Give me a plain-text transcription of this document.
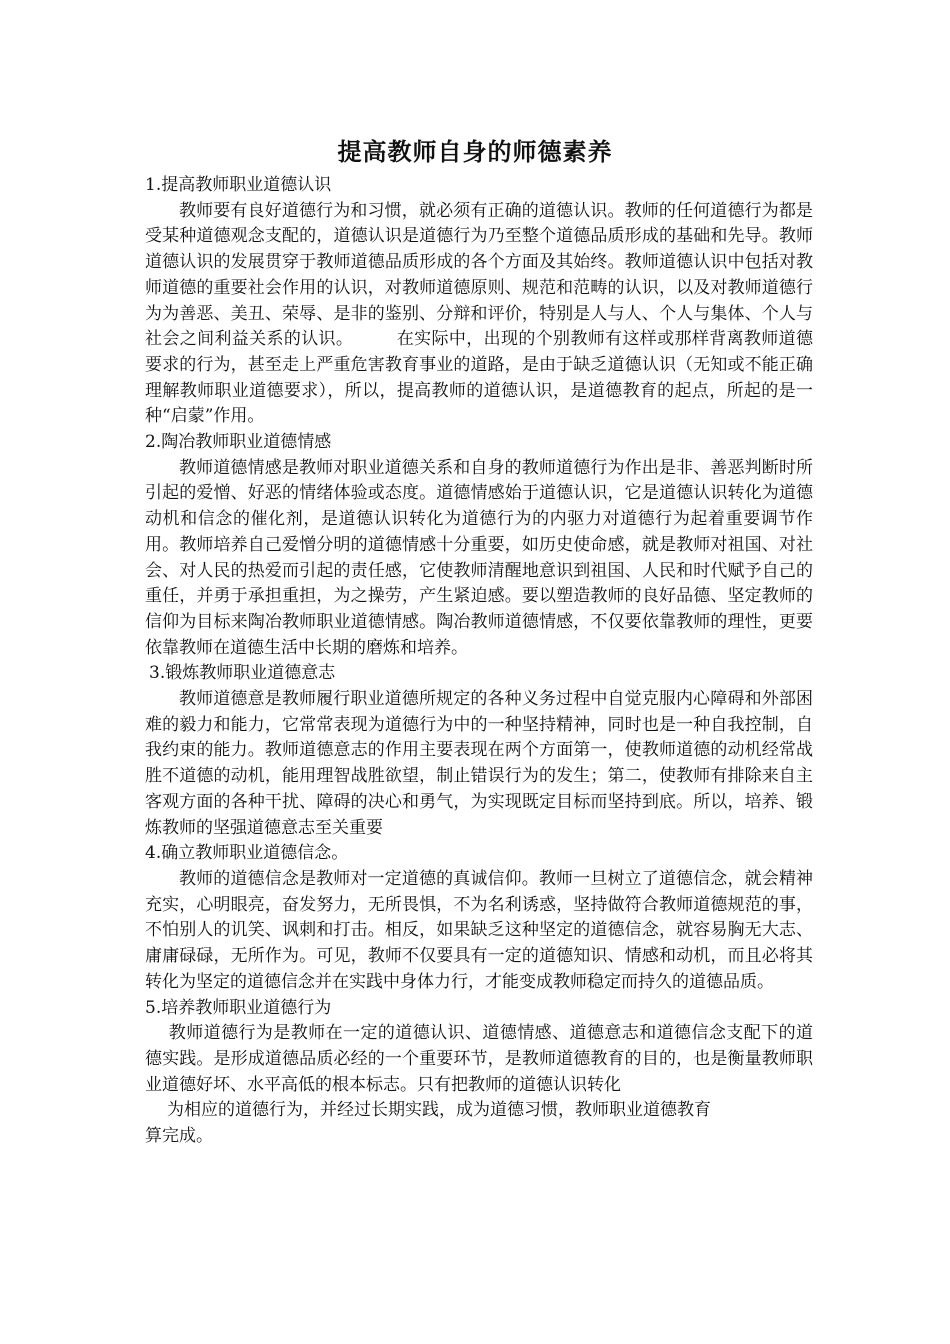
提高教师自身的师德素养

1.提高教师职业道德认识

教师要有良好道德行为和习惯，就必须有正确的道德认识。教师的任何道德行为都是受某种道德观念支配的，道德认识是道德行为乃至整个道德品质形成的基础和先导。教师道德认识的发展贯穿于教师道德品质形成的各个方面及其始终。教师道德认识中包括对教师道德的重要社会作用的认识，对教师道德原则、规范和范畴的认识，以及对教师道德行为为善恶、美丑、荣辱、是非的鉴别、分辩和评价，特别是人与人、个人与集体、个人与社会之间利益关系的认识。　　　在实际中，出现的个别教师有这样或那样背离教师道德要求的行为，甚至走上严重危害教育事业的道路，是由于缺乏道德认识（无知或不能正确理解教师职业道德要求），所以，提高教师的道德认识，是道德教育的起点，所起的是一种“启蒙”作用。

2.陶冶教师职业道德情感

教师道德情感是教师对职业道德关系和自身的教师道德行为作出是非、善恶判断时所引起的爱憎、好恶的情绪体验或态度。道德情感始于道德认识，它是道德认识转化为道德动机和信念的催化剂，是道德认识转化为道德行为的内驱力对道德行为起着重要调节作用。教师培养自己爱憎分明的道德情感十分重要，如历史使命感，就是教师对祖国、对社会、对人民的热爱而引起的责任感，它使教师清醒地意识到祖国、人民和时代赋予自己的重任，并勇于承担重担，为之操劳，产生紧迫感。要以塑造教师的良好品德、坚定教师的信仰为目标来陶冶教师职业道德情感。陶冶教师道德情感，不仅要依靠教师的理性，更要依靠教师在道德生活中长期的磨炼和培养。

3.锻炼教师职业道德意志

教师道德意是教师履行职业道德所规定的各种义务过程中自觉克服内心障碍和外部困难的毅力和能力，它常常表现为道德行为中的一种坚持精神，同时也是一种自我控制，自我约束的能力。教师道德意志的作用主要表现在两个方面第一，使教师道德的动机经常战胜不道德的动机，能用理智战胜欲望，制止错误行为的发生；第二，使教师有排除来自主客观方面的各种干扰、障碍的决心和勇气，为实现既定目标而坚持到底。所以，培养、锻炼教师的坚强道德意志至关重要

4.确立教师职业道德信念。

教师的道德信念是教师对一定道德的真诚信仰。教师一旦树立了道德信念，就会精神充实，心明眼亮，奋发努力，无所畏惧，不为名利诱惑，坚持做符合教师道德规范的事，不怕别人的讥笑、讽刺和打击。相反，如果缺乏这种坚定的道德信念，就容易胸无大志、庸庸碌碌，无所作为。可见，教师不仅要具有一定的道德知识、情感和动机，而且必将其转化为坚定的道德信念并在实践中身体力行，才能变成教师稳定而持久的道德品质。

5.培养教师职业道德行为

教师道德行为是教师在一定的道德认识、道德情感、道德意志和道德信念支配下的道德实践。是形成道德品质必经的一个重要环节，是教师道德教育的目的，也是衡量教师职业道德好坏、水平高低的根本标志。只有把教师的道德认识转化
为相应的道德行为，并经过长期实践，成为道德习惯，教师职业道德教育
算完成。
